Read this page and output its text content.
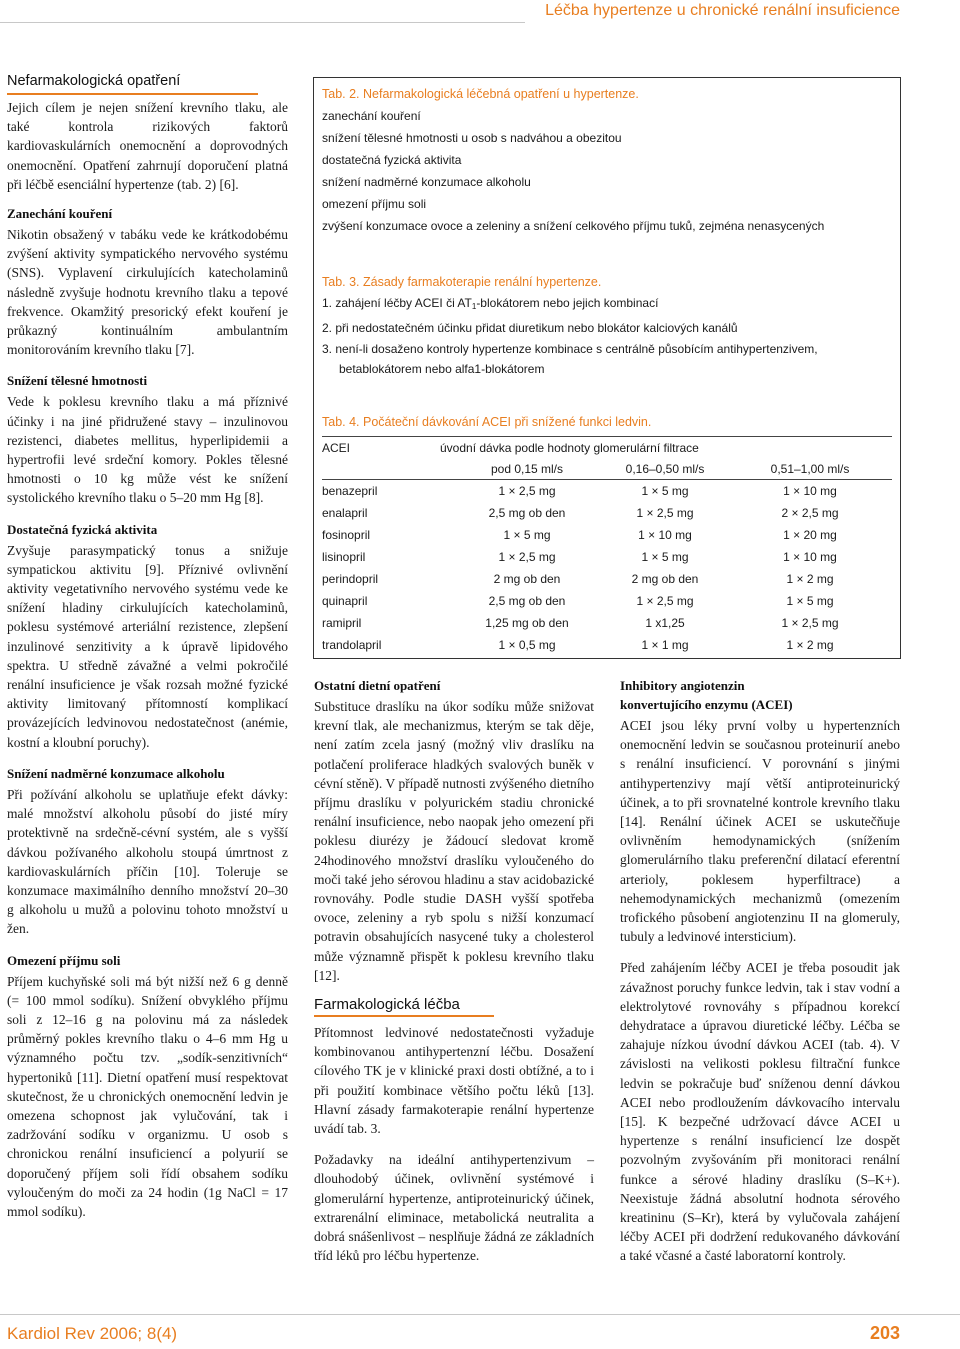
Léčba hypertenze u chronické renální insuficience
Nefarmakologická opatření

Jejich cílem je nejen snížení krevního tlaku, ale také kontrola rizikových faktorů kardiovaskulárních onemocnění a doprovodných onemocnění. Opatření zahrnují doporučení platná při léčbě esenciální hypertenze (tab. 2) [6].

Zanechání kouření

Nikotin obsažený v tabáku vede ke krátkodobému zvýšení aktivity sympatického nervového systému (SNS). Vyplavení cirkulujících katecholaminů následně zvyšuje hodnotu krevního tlaku a tepové frekvence. Okamžitý presorický efekt kouření je průkazný kontinuálním ambulantním monitorováním krevního tlaku [7].

Snížení tělesné hmotnosti

Vede k poklesu krevního tlaku a má příznivé účinky i na jiné přidružené stavy – inzulinovou rezistenci, diabetes mellitus, hyperlipidemii a hypertrofii levé srdeční komory. Pokles tělesné hmotnosti o 10 kg může vést ke snížení systolického krevního tlaku o 5–20 mm Hg [8].

Dostatečná fyzická aktivita

Zvyšuje parasympatický tonus a snižuje sympatickou aktivitu [9]. Příznivé ovlivnění aktivity vegetativního nervového systému vede ke snížení hladiny cirkulujících katecholaminů, poklesu systémové arteriální rezistence, zlepšení inzulinové senzitivity a k úpravě lipidového spektra. U středně závažné a velmi pokročilé renální insuficience je však rozsah možné fyzické aktivity limitovaný přítomností komplikací provázejících ledvinovou nedostatečnost (anémie, kostní a kloubní poruchy).

Snížení nadměrné konzumace alkoholu

Při požívání alkoholu se uplatňuje efekt dávky: malé množství alkoholu působí do jisté míry protektivně na srdečně-cévní systém, ale s vyšší dávkou požívaného alkoholu stoupá úmrtnost z kardiovaskulárních příčin [10]. Toleruje se konzumace maximálního denního množství 20–30 g alkoholu u mužů a polovinu tohoto množství u žen.

Omezení příjmu soli

Příjem kuchyňské soli má být nižší než 6 g denně (= 100 mmol sodíku). Snížení obvyklého příjmu soli z 12–16 g na polovinu má za následek průměrný pokles krevního tlaku o 4–6 mm Hg u významného počtu tzv. „sodík-senzitivních“ hypertoniků [11]. Dietní opatření musí respektovat skutečnost, že u chronických onemocnění ledvin je omezena schopnost jak vylučování, tak i zadržování sodíku v organizmu. U osob s chronickou renální insuficiencí a polyurií se doporučený příjem soli řídí obsahem sodíku vyloučeným do moči za 24 hodin (1g NaCl = 17 mmol sodíku).

Tab. 2. Nefarmakologická léčebná opatření u hypertenze.
zanechání kouření
snížení tělesné hmotnosti u osob s nadváhou a obezitou
dostatečná fyzická aktivita
snížení nadměrné konzumace alkoholu
omezení příjmu soli
zvýšení konzumace ovoce a zeleniny a snížení celkového příjmu tuků, zejména nenasycených
Tab. 3. Zásady farmakoterapie renální hypertenze.
1. zahájení léčby ACEI či $AT_1$-blokátorem nebo jejich kombinací
2. při nedostatečném účinku přidat diuretikum nebo blokátor kalciových kanálů
3. není-li dosaženo kontroly hypertenze kombinace s centrálně působícím antihypertenzivem,
betablokátorem nebo alfa1-blokátorem
Tab. 4. Počáteční dávkování ACEI při snížené funkci ledvin.
ACEI	úvodní dávka podle hodnoty glomerulární filtrace
pod 0,15 ml/s	0,16–0,50 ml/s	0,51–1,00 ml/s
benazepril	1 × 2,5 mg	1 × 5 mg	1 × 10 mg
enalapril	2,5 mg ob den	1 × 2,5 mg	2 × 2,5 mg
fosinopril	1 × 5 mg	1 × 10 mg	1 × 20 mg
lisinopril	1 × 2,5 mg	1 × 5 mg	1 × 10 mg
perindopril	2 mg ob den	2 mg ob den	1 × 2 mg
quinapril	2,5 mg ob den	1 × 2,5 mg	1 × 5 mg
ramipril	1,25 mg ob den	1 x1,25	1 × 2,5 mg
trandolapril	1 × 0,5 mg	1 × 1 mg	1 × 2 mg
Ostatní dietní opatření

Substituce draslíku na úkor sodíku může snižovat krevní tlak, ale mechanizmus, kterým se tak děje, není zatím zcela jasný (možný vliv draslíku na potlačení proliferace hladkých svalových buněk v cévní stěně). V případě nutnosti zvýšeného dietního příjmu draslíku v polyurickém stadiu chronické renální insuficience, nebo naopak jeho omezení při poklesu diurézy je žádoucí sledovat kromě 24hodinového množství draslíku vyloučeného do moči také jeho sérovou hladinu a stav acidobazické rovnováhy. Podle studie DASH vyšší spotřeba ovoce, zeleniny a ryb spolu s nižší konzumací potravin obsahujících nasycené tuky a cholesterol může významně přispět k poklesu krevního tlaku [12].

Farmakologická léčba

Přítomnost ledvinové nedostatečnosti vyžaduje kombinovanou antihypertenzní léčbu. Dosažení cílového TK je v klinické praxi dosti obtížné, a to i při použití kombinace většího počtu léků [13]. Hlavní zásady farmakoterapie renální hypertenze uvádí tab. 3.

Požadavky na ideální antihypertenzivum – dlouhodobý účinek, ovlivnění systémové i glomerulární hypertenze, antiproteinurický účinek, extrarenální eliminace, metabolická neutralita a dobrá snášenlivost – nesplňuje žádná ze základních tříd léků pro léčbu hypertenze.

Inhibitory angiotenzin
konvertujícího enzymu (ACEI)

ACEI jsou léky první volby u hypertenzních onemocnění ledvin se současnou proteinurií anebo s renální insuficiencí. V porovnání s jinými antihypertenzivy mají větší antiproteinurický účinek, a to při srovnatelné kontrole krevního tlaku [14]. Renální účinek ACEI se uskutečňuje ovlivněním hemodynamických (snížením glomerulárního tlaku preferenční dilatací eferentní arterioly, poklesem hyperfiltrace) a nehemodynamických mechanizmů (omezením trofického působení angiotenzinu II na glomeruly, tubuly a ledvinové intersticium).

Před zahájením léčby ACEI je třeba posoudit jak závažnost poruchy funkce ledvin, tak i stav vodní a elektrolytové rovnováhy s případnou korekcí dehydratace a úpravou diuretické léčby. Léčba se zahajuje nízkou úvodní dávkou ACEI (tab. 4). V závislosti na velikosti poklesu filtrační funkce ledvin se pokračuje buď sníženou denní dávkou ACEI nebo prodloužením dávkovacího intervalu [15]. K bezpečné udržovací dávce ACEI u hypertenze s renální insuficiencí lze dospět pozvolným zvyšováním při monitoraci renální funkce a sérové hladiny draslíku (S–K+). Neexistuje žádná absolutní hodnota sérového kreatininu (S–Kr), která by vylučovala zahájení léčby ACEI při dodržení redukovaného dávkování a také včasné a časté laboratorní kontroly.

Kardiol Rev 2006; 8(4)	203
